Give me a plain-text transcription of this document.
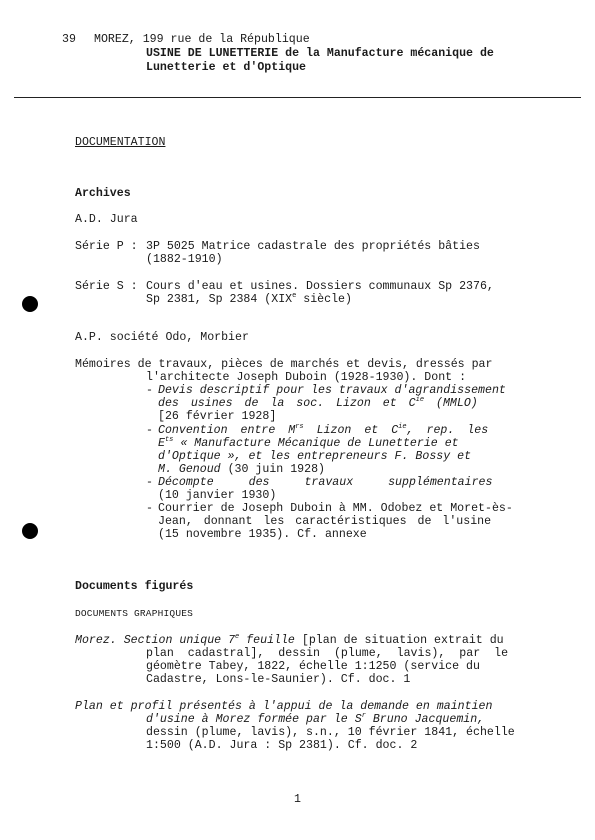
39 MOREZ, 199 rue de la République
USINE DE LUNETTERIE de la Manufacture mécanique de
Lunetterie et d'Optique
DOCUMENTATION
Archives
A.D. Jura
Série P : 3P 5025 Matrice cadastrale des propriétés bâties
(1882-1910)
Série S : Cours d'eau et usines. Dossiers communaux Sp 2376,
Sp 2381, Sp 2384 (XIXe siècle)
A.P. société Odo, Morbier
Mémoires de travaux, pièces de marchés et devis, dressés par
l'architecte Joseph Duboin (1928-1930). Dont :
- Devis descriptif pour les travaux d'agrandissement
des usines de la soc. Lizon et $C^{ie}$ (MMLO)
[26 février 1928]
- Convention entre $M^{rs}$ Lizon et $C^{ie}$, rep. les
$E^{ts}$ « Manufacture Mécanique de Lunetterie et
d'Optique », et les entrepreneurs F. Bossy et
M. Genoud (30 juin 1928)
- Décompte des travaux supplémentaires
(10 janvier 1930)
- Courrier de Joseph Duboin à MM. Odobez et Moret-ès-
Jean, donnant les caractéristiques de l'usine
(15 novembre 1935). Cf. annexe
Documents figurés
DOCUMENTS GRAPHIQUES
Morez. Section unique 7e feuille [plan de situation extrait du
plan cadastral], dessin (plume, lavis), par le
géomètre Tabey, 1822, échelle 1:1250 (service du
Cadastre, Lons-le-Saunier). Cf. doc. 1
Plan et profil présentés à l'appui de la demande en maintien
d'usine à Morez formée par le $S^r$ Bruno Jacquemin,
dessin (plume, lavis), s.n., 10 février 1841, échelle
1:500 (A.D. Jura : Sp 2381). Cf. doc. 2
1
